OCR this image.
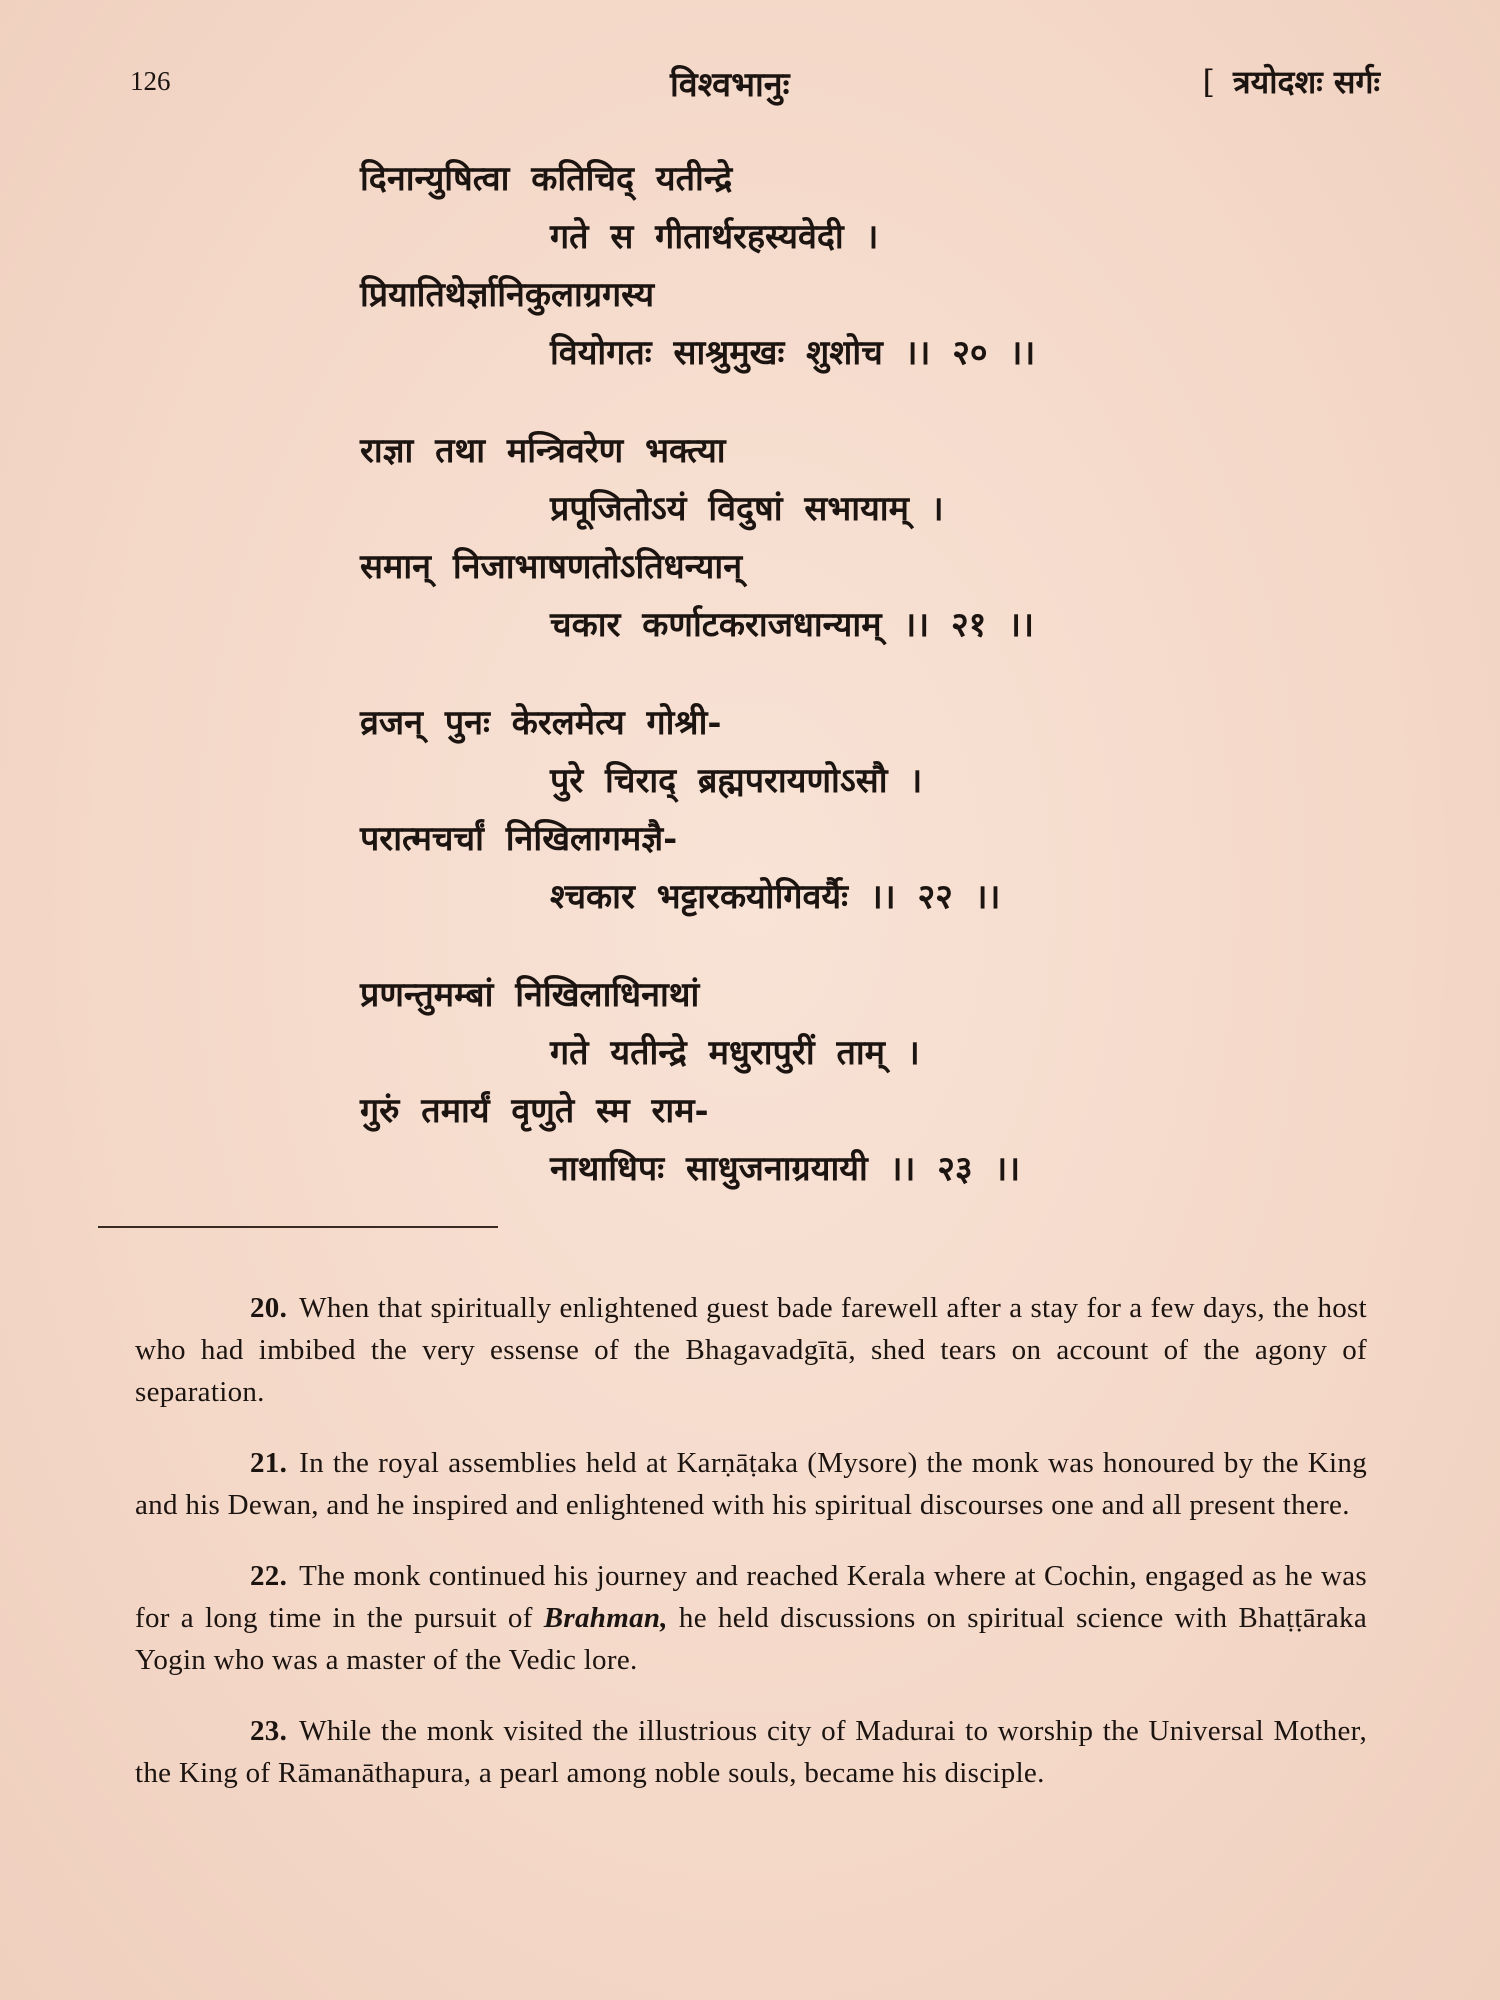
126	विश्वभानुः	[ त्रयोदशः सर्गः
दिनान्युषित्वा कतिचिद् यतीन्द्रे
गते स गीतार्थरहस्यवेदी ।
प्रियातिथेर्ज्ञानिकुलाग्रगस्य
वियोगतः साश्रुमुखः शुशोच ।। २० ।।
राज्ञा तथा मन्त्रिवरेण भक्त्या
प्रपूजितोऽयं विदुषां सभायाम् ।
समान् निजाभाषणतोऽतिधन्यान्
चकार कर्णाटकराजधान्याम् ।। २१ ।।
व्रजन् पुनः केरलमेत्य गोश्री-
पुरे चिराद् ब्रह्मपरायणोऽसौ ।
परात्मचर्चां निखिलागमज्ञै-
श्चकार भट्टारकयोगिवर्यैः ।। २२ ।।
प्रणन्तुमम्बां निखिलाधिनाथां
गते यतीन्द्रे मधुरापुरीं ताम् ।
गुरुं तमार्यं वृणुते स्म राम-
नाथाधिपः साधुजनाग्रयायी ।। २३ ।।

20. When that spiritually enlightened guest bade farewell after a stay for a few days, the host who had imbibed the very essense of the Bhagavadgītā, shed tears on account of the agony of separation.

21. In the royal assemblies held at Karṇāṭaka (Mysore) the monk was honoured by the King and his Dewan, and he inspired and enlightened with his spiritual discourses one and all present there.

22. The monk continued his journey and reached Kerala where at Cochin, engaged as he was for a long time in the pursuit of Brahman, he held discussions on spiritual science with Bhaṭṭāraka Yogin who was a master of the Vedic lore.

23. While the monk visited the illustrious city of Madurai to worship the Universal Mother, the King of Rāmanāthapura, a pearl among noble souls, became his disciple.
